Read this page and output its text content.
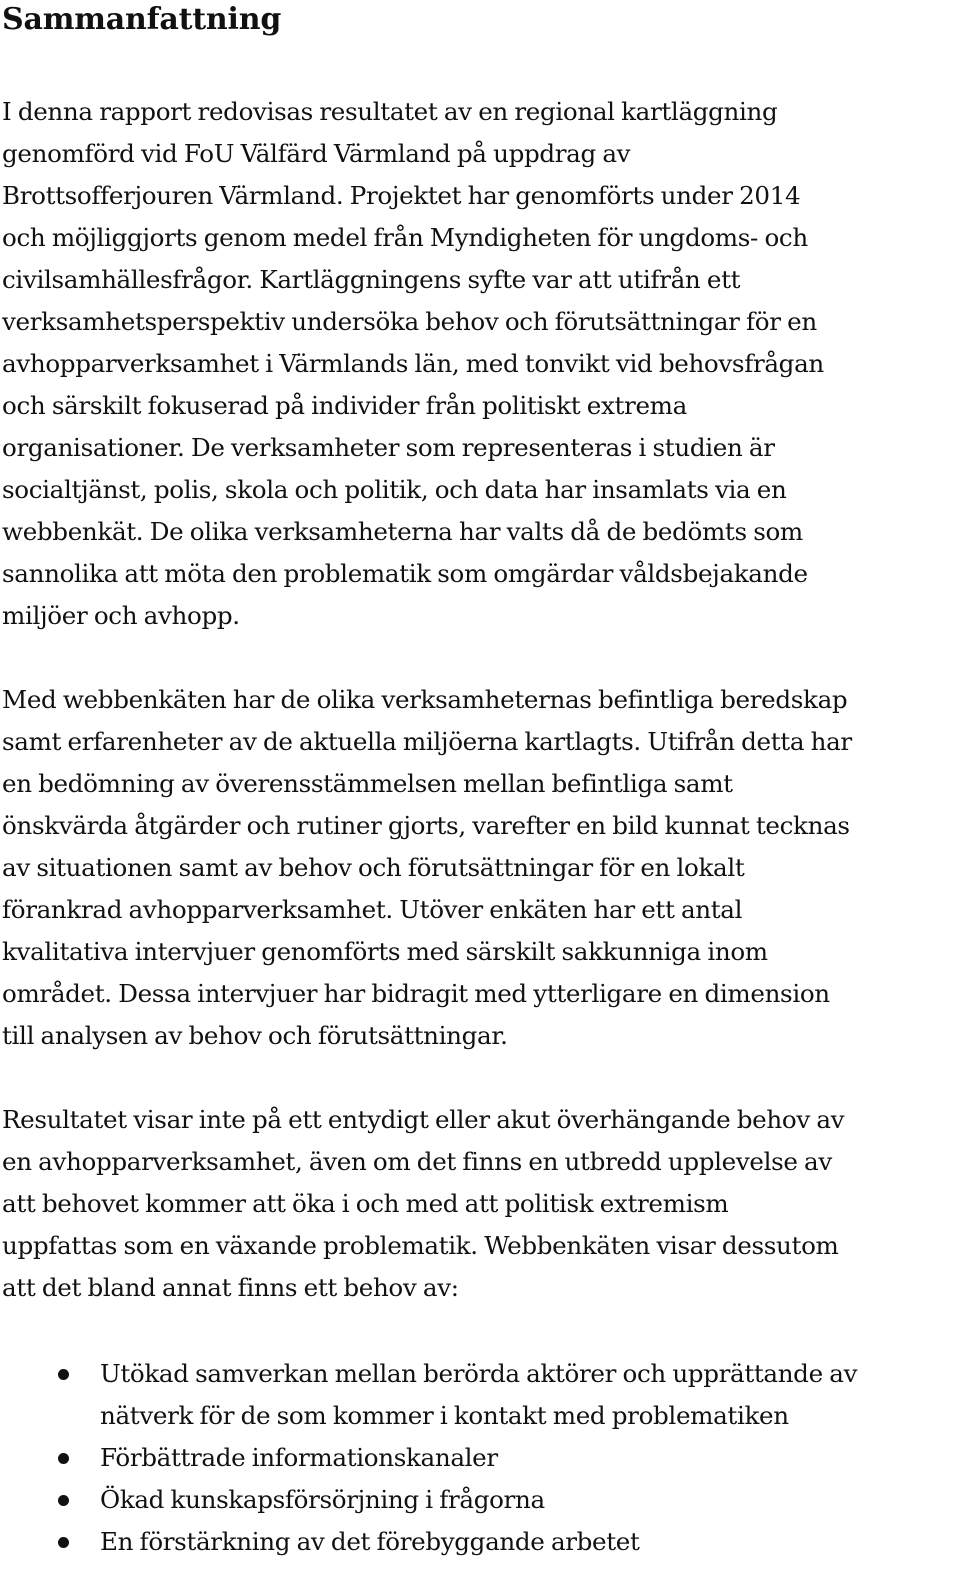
Sammanfattning

I denna rapport redovisas resultatet av en regional kartläggning
genomförd vid FoU Välfärd Värmland på uppdrag av
Brottsofferjouren Värmland. Projektet har genomförts under 2014
och möjliggjorts genom medel från Myndigheten för ungdoms- och
civilsamhällesfrågor. Kartläggningens syfte var att utifrån ett
verksamhetsperspektiv undersöka behov och förutsättningar för en
avhopparverksamhet i Värmlands län, med tonvikt vid behovsfrågan
och särskilt fokuserad på individer från politiskt extrema
organisationer. De verksamheter som representeras i studien är
socialtjänst, polis, skola och politik, och data har insamlats via en
webbenkät. De olika verksamheterna har valts då de bedömts som
sannolika att möta den problematik som omgärdar våldsbejakande
miljöer och avhopp.

Med webbenkäten har de olika verksamheternas befintliga beredskap
samt erfarenheter av de aktuella miljöerna kartlagts. Utifrån detta har
en bedömning av överensstämmelsen mellan befintliga samt
önskvärda åtgärder och rutiner gjorts, varefter en bild kunnat tecknas
av situationen samt av behov och förutsättningar för en lokalt
förankrad avhopparverksamhet. Utöver enkäten har ett antal
kvalitativa intervjuer genomförts med särskilt sakkunniga inom
området. Dessa intervjuer har bidragit med ytterligare en dimension
till analysen av behov och förutsättningar.

Resultatet visar inte på ett entydigt eller akut överhängande behov av
en avhopparverksamhet, även om det finns en utbredd upplevelse av
att behovet kommer att öka i och med att politisk extremism
uppfattas som en växande problematik. Webbenkäten visar dessutom
att det bland annat finns ett behov av:

Utökad samverkan mellan berörda aktörer och upprättande av
nätverk för de som kommer i kontakt med problematiken
Förbättrade informationskanaler
Ökad kunskapsförsörjning i frågorna
En förstärkning av det förebyggande arbetet
